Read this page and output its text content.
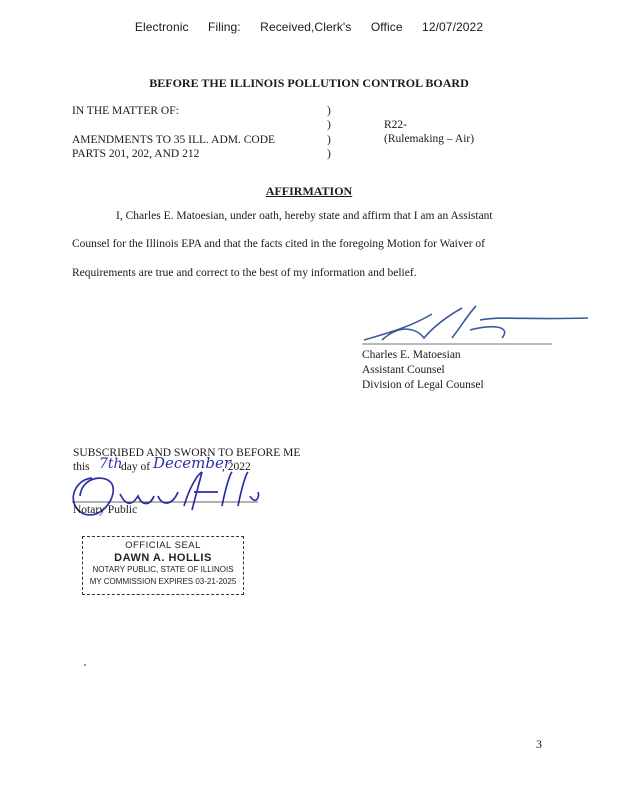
Electronic Filing: Received,Clerk's Office 12/07/2022
BEFORE THE ILLINOIS POLLUTION CONTROL BOARD
IN THE MATTER OF:
AMENDMENTS TO 35 ILL. ADM. CODE
PARTS 201, 202, AND 212
)
)
)
)
R22-
(Rulemaking – Air)
AFFIRMATION
I, Charles E. Matoesian, under oath, hereby state and affirm that I am an Assistant
Counsel for the Illinois EPA and that the facts cited in the foregoing Motion for Waiver of
Requirements are true and correct to the best of my information and belief.
Charles E. Matoesian
Assistant Counsel
Division of Legal Counsel
SUBSCRIBED AND SWORN TO BEFORE ME
this 7th
day of December
, 2022
Notary Public
OFFICIAL SEAL
DAWN A. HOLLIS
NOTARY PUBLIC, STATE OF ILLINOIS
MY COMMISSION EXPIRES 03-21-2025
3
